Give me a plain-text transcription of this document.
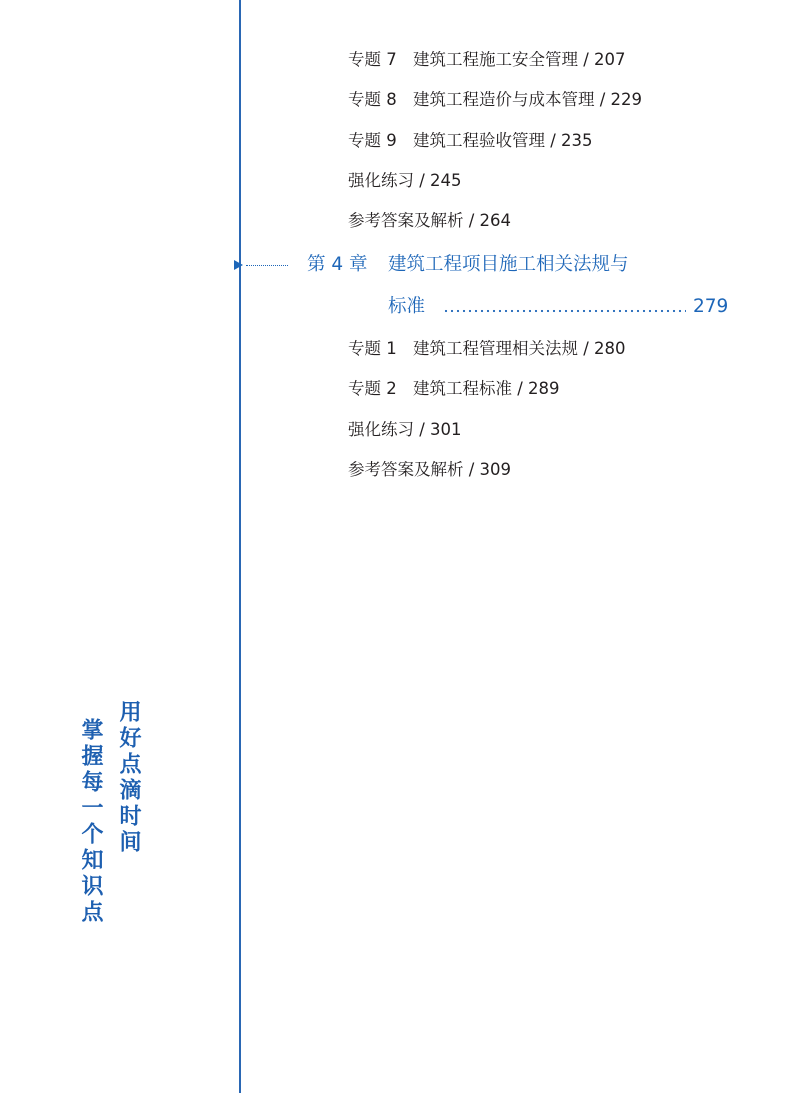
专题 7 建筑工程施工安全管理 / 207
专题 8 建筑工程造价与成本管理 / 229
专题 9 建筑工程验收管理 / 235
强化练习 / 245
参考答案及解析 / 264
第 4 章 建筑工程项目施工相关法规与
标准	279
专题 1 建筑工程管理相关法规 / 280
专题 2 建筑工程标准 / 289
强化练习 / 301
参考答案及解析 / 309
用好点滴时间
掌握每一个知识点
